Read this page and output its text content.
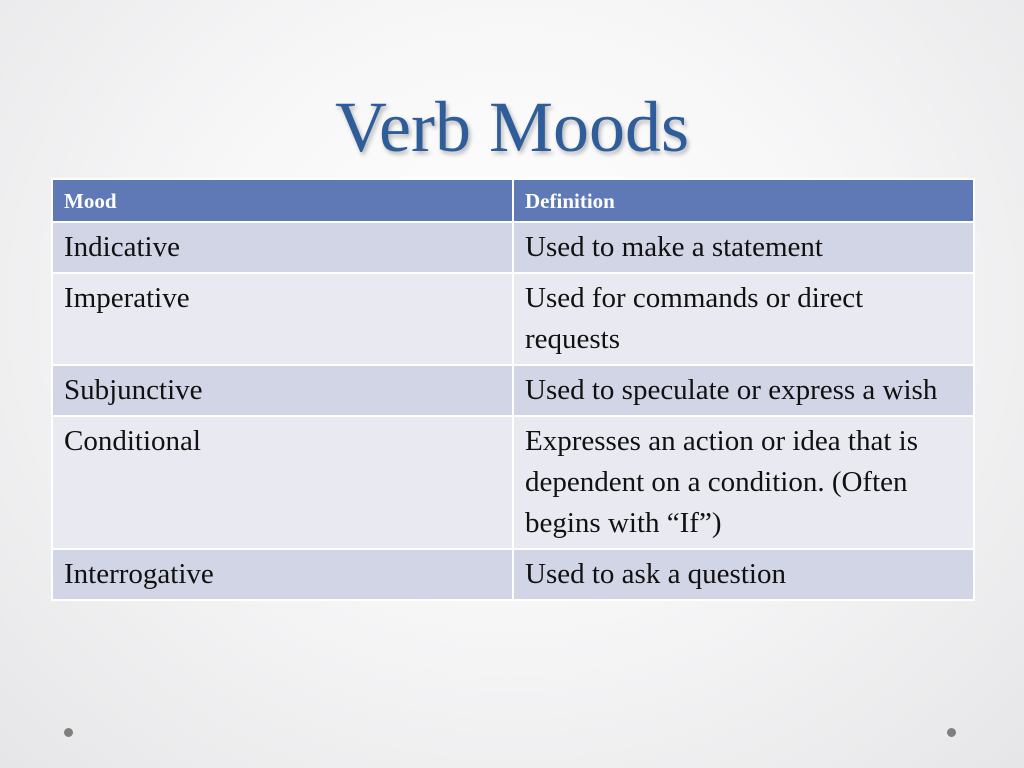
Verb Moods
Mood	Definition
Indicative	Used to make a statement
Imperative	Used for commands or direct requests
Subjunctive	Used to speculate or express a wish
Conditional	Expresses an action or idea that is dependent on a condition. (Often begins with “If”)
Interrogative	Used to ask a question
